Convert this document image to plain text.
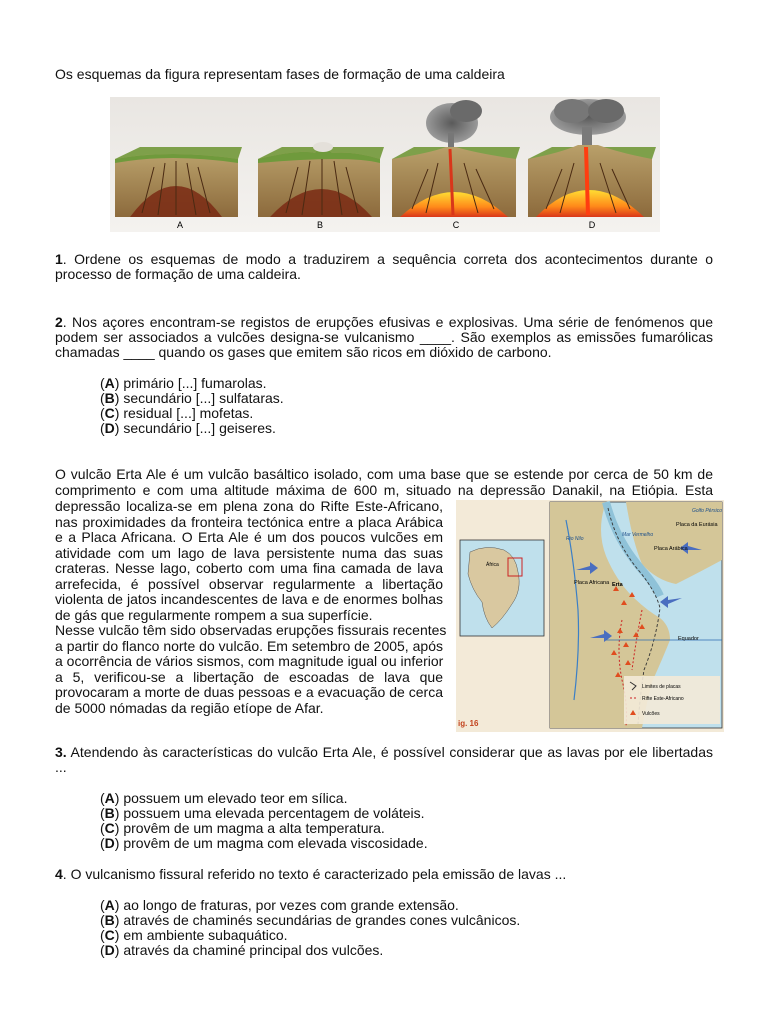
Os esquemas da figura representam fases de formação de uma caldeira
A	B	C	D
1. Ordene os esquemas de modo a traduzirem a sequência correta dos acontecimentos durante o
processo de formação de uma caldeira.
2. Nos açores encontram-se registos de erupções efusivas e explosivas. Uma série de fenómenos que
podem ser associados a vulcões designa-se vulcanismo ____. São exemplos as emissões fumarólicas
chamadas ____ quando os gases que emitem são ricos em dióxido de carbono.
(A) primário [...] fumarolas.
(B) secundário [...] sulfataras.
(C) residual [...] mofetas.
(D) secundário [...] geiseres.
O vulcão Erta Ale é um vulcão basáltico isolado, com uma base que se estende por cerca de 50 km de
comprimento e com uma altitude máxima de 600 m, situado na depressão Danakil, na Etiópia. Esta
depressão localiza-se em plena zona do Rifte Este-Africano,
nas proximidades da fronteira tectónica entre a placa Arábica
e a Placa Africana. O Erta Ale é um dos poucos vulcões em
atividade com um lago de lava persistente numa das suas
crateras. Nesse lago, coberto com uma fina camada de lava
arrefecida, é possível observar regularmente a libertação
violenta de jatos incandescentes de lava e de enormes bolhas
de gás que regularmente rompem a sua superfície.
Nesse vulcão têm sido observadas erupções fissurais recentes
a partir do flanco norte do vulcão. Em setembro de 2005, após
a ocorrência de vários sismos, com magnitude igual ou inferior
a 5, verificou-se a libertação de escoadas de lava que
provocaram a morte de duas pessoas e a evacuação de cerca
de 5000 nómadas da região etíope de Afar.
África
Golfo Pérsico
Mar Vermelho
Rio Nilo
Placa da Eurásia
Placa Arábica
Placa Africana Erta
Equador
Limites de placas
Rifte Este-Africano
Vulcões
ig. 16
3. Atendendo às características do vulcão Erta Ale, é possível considerar que as lavas por ele libertadas
...
(A) possuem um elevado teor em sílica.
(B) possuem uma elevada percentagem de voláteis.
(C) provêm de um magma a alta temperatura.
(D) provêm de um magma com elevada viscosidade.
4. O vulcanismo fissural referido no texto é caracterizado pela emissão de lavas ...
(A) ao longo de fraturas, por vezes com grande extensão.
(B) através de chaminés secundárias de grandes cones vulcânicos.
(C) em ambiente subaquático.
(D) através da chaminé principal dos vulcões.
